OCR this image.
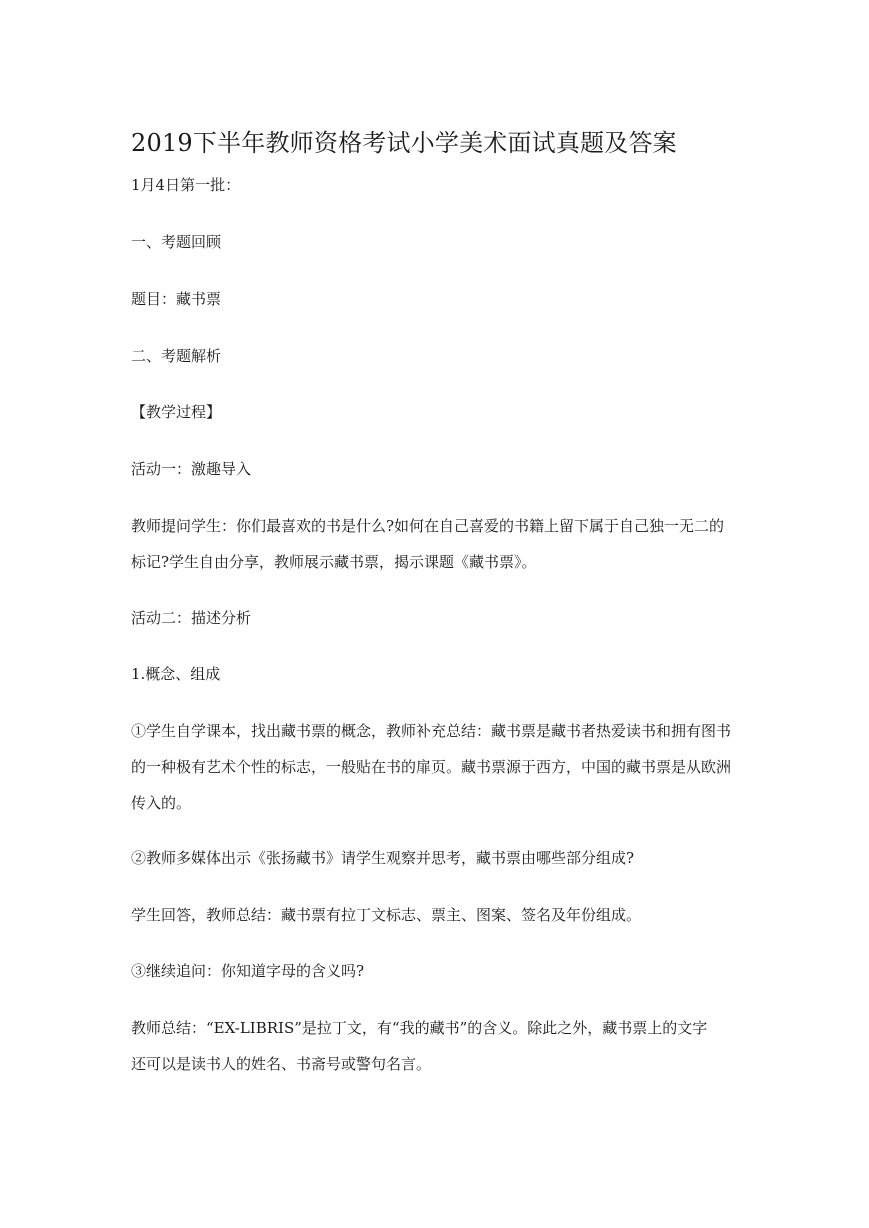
2019下半年教师资格考试小学美术面试真题及答案
1月4日第一批：
一、考题回顾
题目：藏书票
二、考题解析
【教学过程】
活动一：激趣导入
教师提问学生：你们最喜欢的书是什么?如何在自己喜爱的书籍上留下属于自己独一无二的
标记?学生自由分享，教师展示藏书票，揭示课题《藏书票》。
活动二：描述分析
1.概念、组成
①学生自学课本，找出藏书票的概念，教师补充总结：藏书票是藏书者热爱读书和拥有图书
的一种极有艺术个性的标志，一般贴在书的扉页。藏书票源于西方，中国的藏书票是从欧洲
传入的。
②教师多媒体出示《张扬藏书》请学生观察并思考，藏书票由哪些部分组成?
学生回答，教师总结：藏书票有拉丁文标志、票主、图案、签名及年份组成。
③继续追问：你知道字母的含义吗?
教师总结：“EX-LIBRIS”是拉丁文，有“我的藏书”的含义。除此之外，藏书票上的文字
还可以是读书人的姓名、书斋号或警句名言。
